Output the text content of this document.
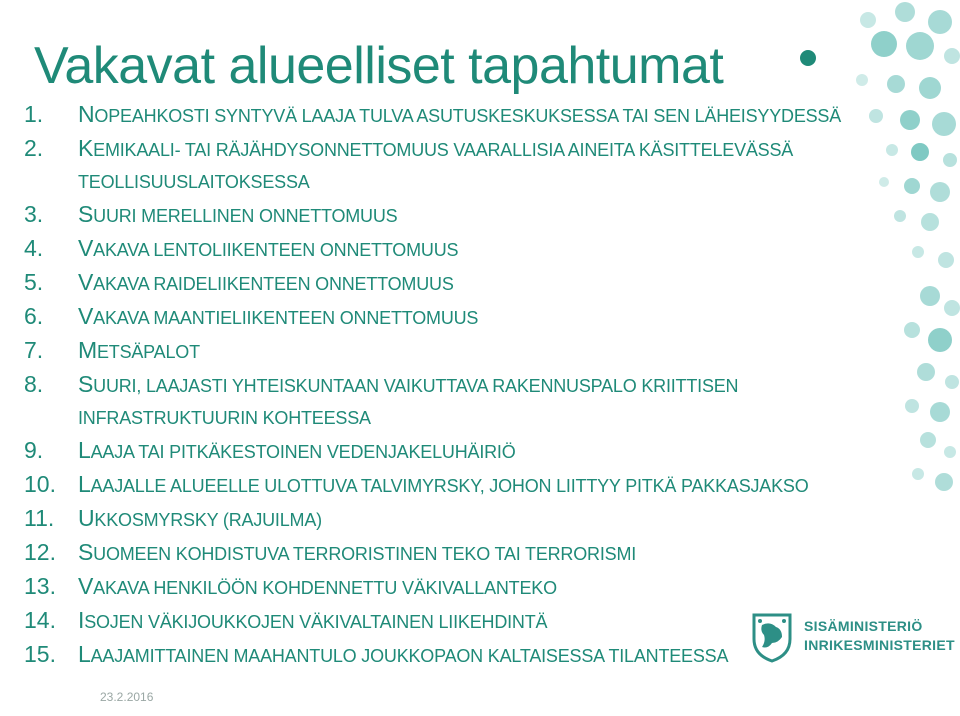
Vakavat alueelliset tapahtumat
1.	NOPEAHKOSTI SYNTYVÄ LAAJA TULVA ASUTUSKESKUKSESSA TAI SEN LÄHEISYYDESSÄ
2.	KEMIKAALI- TAI RÄJÄHDYSONNETTOMUUS VAARALLISIA AINEITA KÄSITTELEVÄSSÄ TEOLLISUUSLAITOKSESSA
3.	SUURI MERELLINEN ONNETTOMUUS
4.	VAKAVA LENTOLIIKENTEEN ONNETTOMUUS
5.	VAKAVA RAIDELIIKENTEEN ONNETTOMUUS
6.	VAKAVA MAANTIELIIKENTEEN ONNETTOMUUS
7.	METSÄPALOT
8.	SUURI, LAAJASTI YHTEISKUNTAAN VAIKUTTAVA RAKENNUSPALO KRIITTISEN INFRASTRUKTUURIN KOHTEESSA
9.	LAAJA TAI PITKÄKESTOINEN VEDENJAKELUHÄIRIÖ
10. LAAJALLE ALUEELLE ULOTTUVA TALVIMYRSKY, JOHON LIITTYY PITKÄ PAKKASJAKSO
11.	UKKOSMYRSKY (RAJUILMA)
12. SUOMEEN KOHDISTUVA TERRORISTINEN TEKO TAI TERRORISMI
13. VAKAVA HENKILÖÖN KOHDENNETTU VÄKIVALLANTEKO
14. ISOJEN VÄKIJOUKKOJEN VÄKIVALTAINEN LIIKEHDINTÄ
15. LAAJAMITTAINEN MAAHANTULO JOUKKOPAON KALTAISESSA TILANTEESSA
23.2.2016
SISÄMINISTERIÖ
INRIKESMINISTERIET
